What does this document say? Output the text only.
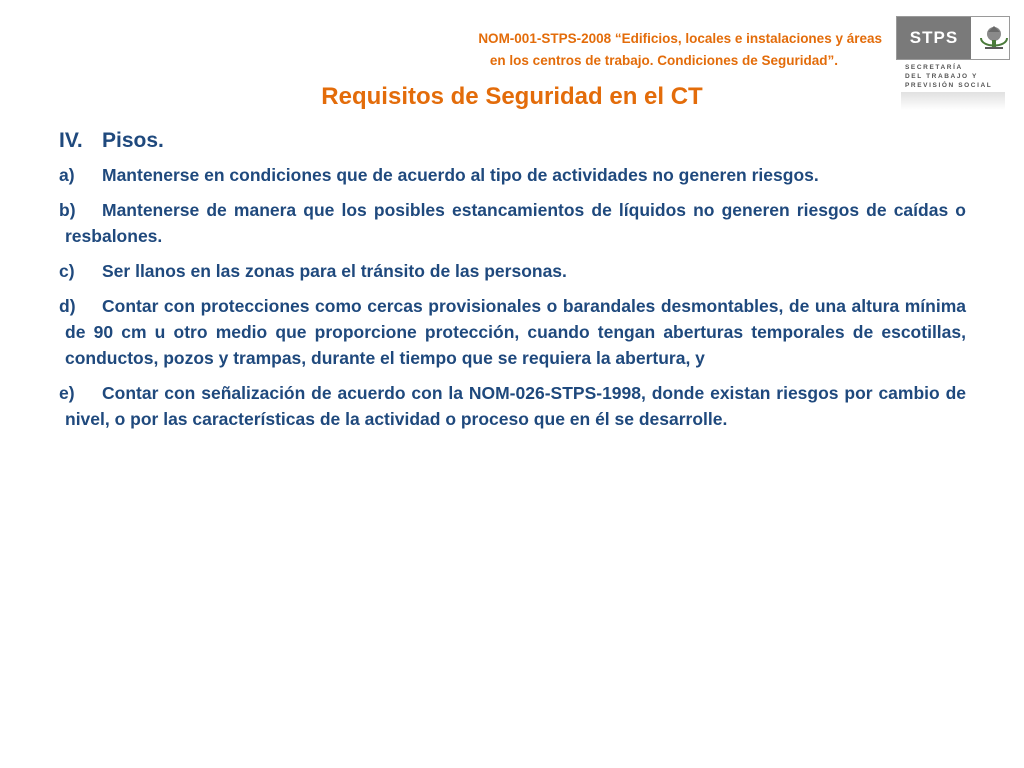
NOM-001-STPS-2008 “Edificios, locales e instalaciones y áreas

en los centros de trabajo. Condiciones de Seguridad”.
STPS
SECRETARÍA
DEL TRABAJO Y
PREVISIÓN SOCIAL
Requisitos de Seguridad en el CT
IV. Pisos.
a) Mantenerse en condiciones que de acuerdo al tipo de actividades no generen riesgos.
b) Mantenerse de manera que los posibles estancamientos de líquidos no generen riesgos de caídas o resbalones.
c) Ser llanos en las zonas para el tránsito de las personas.
d) Contar con protecciones como cercas provisionales o barandales desmontables, de una altura mínima de 90 cm u otro medio que proporcione protección, cuando tengan aberturas temporales de escotillas, conductos, pozos y trampas, durante el tiempo que se requiera la abertura, y
e) Contar con señalización de acuerdo con la NOM-026-STPS-1998, donde existan riesgos por cambio de nivel, o por las características de la actividad o proceso que en él se desarrolle.
